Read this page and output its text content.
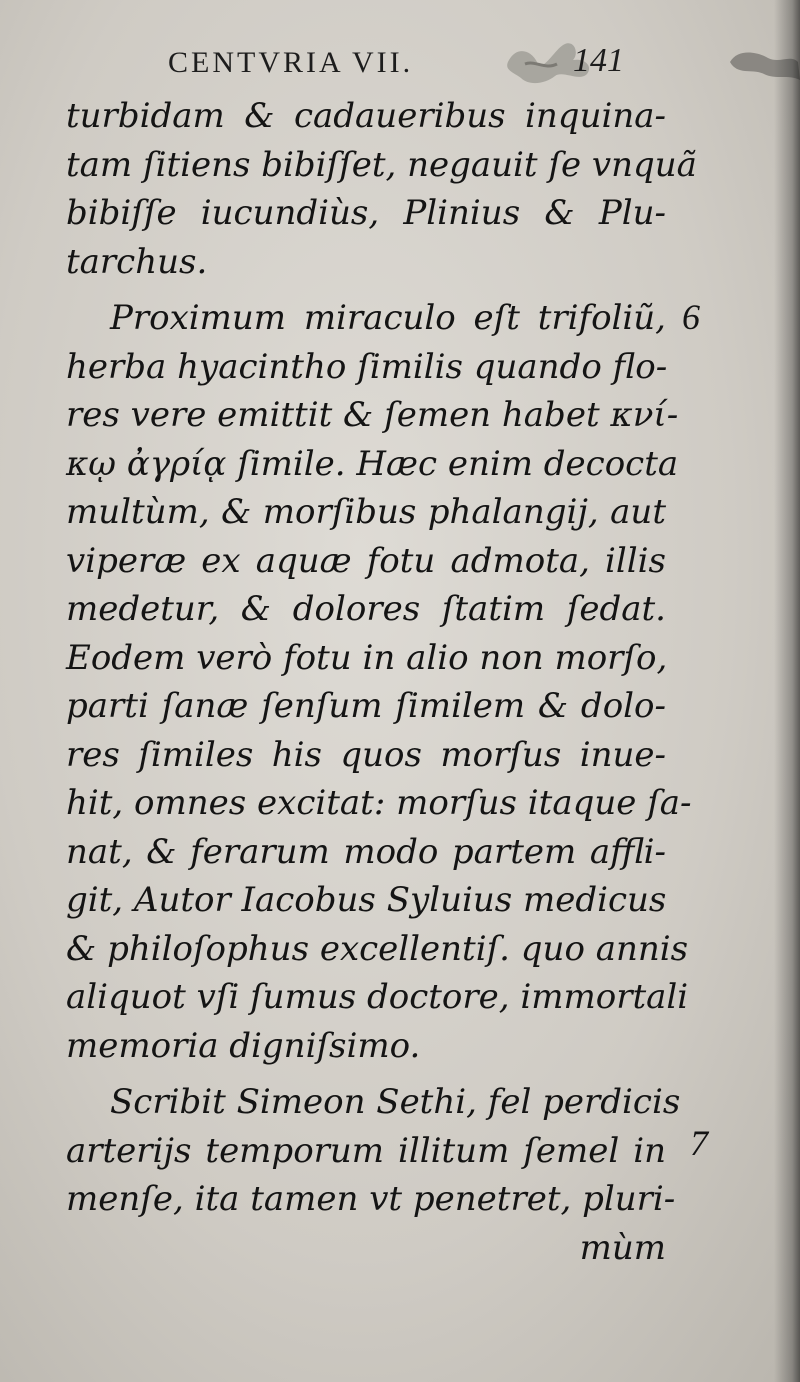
CENTVRIA VII.	141
turbidam & cadaueribus inquina-
tam ſitiens bibiſſet, negauit ſe vnquã
bibiſſe iucundiùs, Plinius & Plu-
tarchus.
Proximum miraculo eſt trifoliũ,
herba hyacintho ſimilis quando flo-
res vere emittit & ſemen habet κνί-
κῳ ἀγρίᾳ ſimile. Hæc enim decocta
multùm, & morſibus phalangij, aut
viperæ ex aquæ fotu admota, illis
medetur, & dolores ſtatim ſedat.
Eodem verò fotu in alio non morſo,
parti ſanæ ſenſum ſimilem & dolo-
res ſimiles his quos morſus inue-
hit, omnes excitat: morſus itaque ſa-
nat, & ferarum modo partem affli-
git, Autor Iacobus Syluius medicus
& philoſophus excellentiſ. quo annis
aliquot vſi ſumus doctore, immortali
memoria digniſsimo.
Scribit Simeon Sethi, fel perdicis
arterijs temporum illitum ſemel in
menſe, ita tamen vt penetret, pluri-
mùm
6
7
